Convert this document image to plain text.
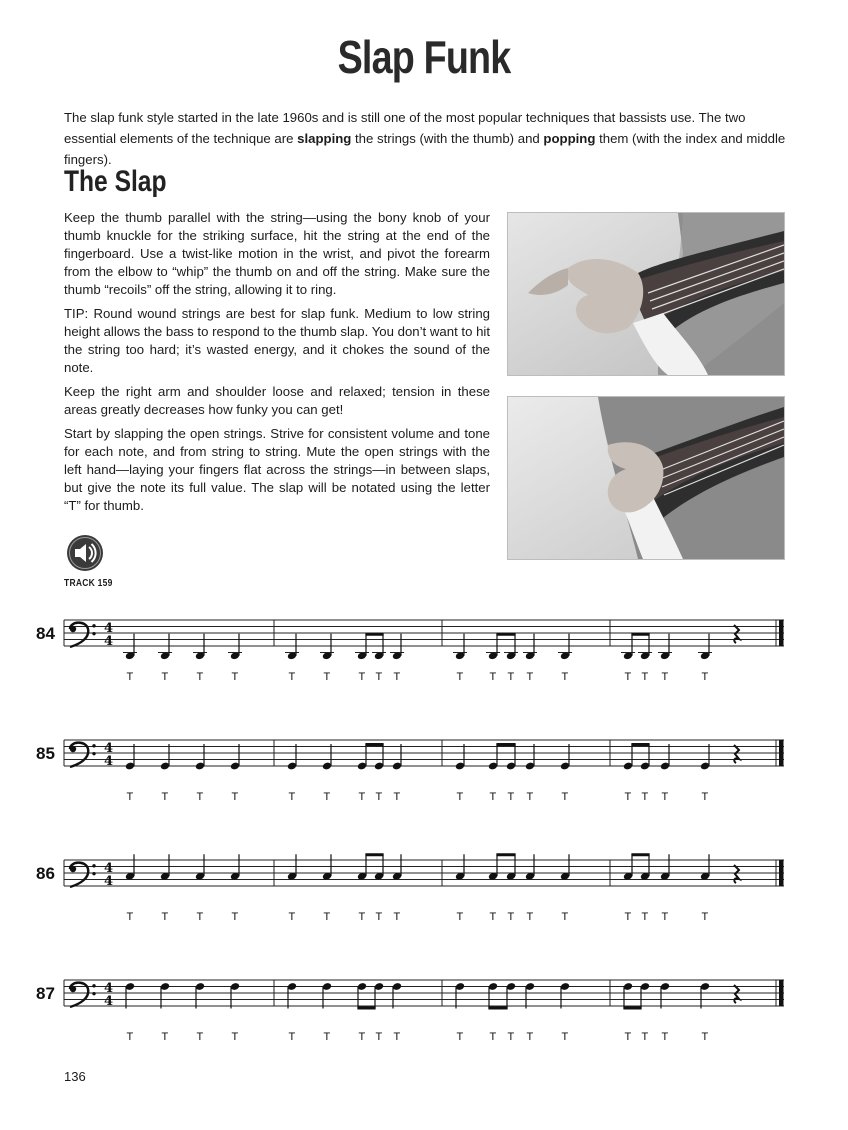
Slap Funk

The slap funk style started in the late 1960s and is still one of the most popular techniques that bassists use. The two essential elements of the technique are slapping the strings (with the thumb) and popping them (with the index and middle fingers).

The Slap

Keep the thumb parallel with the string—using the bony knob of your thumb knuckle for the striking surface, hit the string at the end of the fingerboard. Use a twist-like motion in the wrist, and pivot the forearm from the elbow to “whip” the thumb on and off the string. Make sure the thumb “recoils” off the string, allowing it to ring.

TIP: Round wound strings are best for slap funk. Medium to low string height allows the bass to respond to the thumb slap. You don’t want to hit the string too hard; it’s wasted energy, and it chokes the sound of the note.

Keep the right arm and shoulder loose and relaxed; tension in these areas greatly decreases how funky you can get!

Start by slapping the open strings. Strive for consistent volume and tone for each note, and from string to string. Mute the open strings with the left hand—laying your fingers flat across the strings—in between slaps, but give the note its full value. The slap will be notated using the letter “T” for thumb.

TRACK 159
84	4
4
T	T	T	T	T	T	T T T	T T T T	T	T T T	T
85	4
4
T	T	T	T	T	T	T T T	T T T T	T	T T T	T
86	4
4
T	T	T	T	T	T	T T T	T T T T	T	T T T	T
87	4
4
T	T	T	T	T	T	T T T	T T T T	T	T T T	T
136
